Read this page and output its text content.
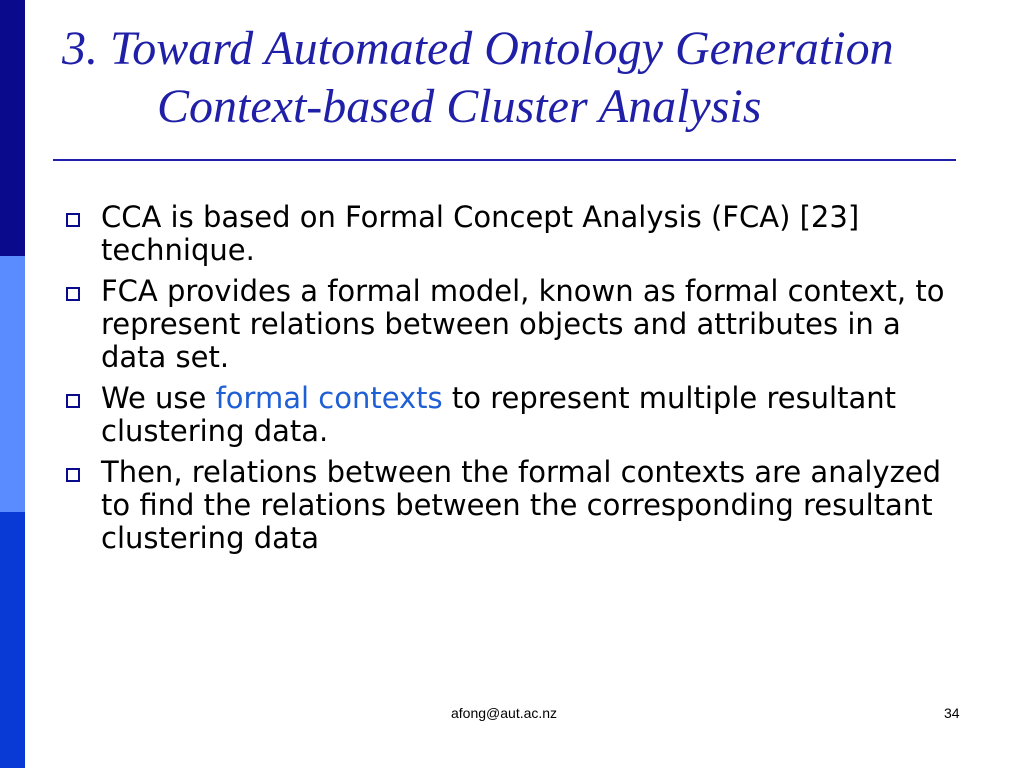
3. Toward Automated Ontology Generation
Context-based Cluster Analysis
CCA is based on Formal Concept Analysis (FCA) [23] technique.
FCA provides a formal model, known as formal context, to represent relations between objects and attributes in a data set.
We use formal contexts to represent multiple resultant clustering data.
Then, relations between the formal contexts are analyzed to find the relations between the corresponding resultant clustering data
afong@aut.ac.nz	34
